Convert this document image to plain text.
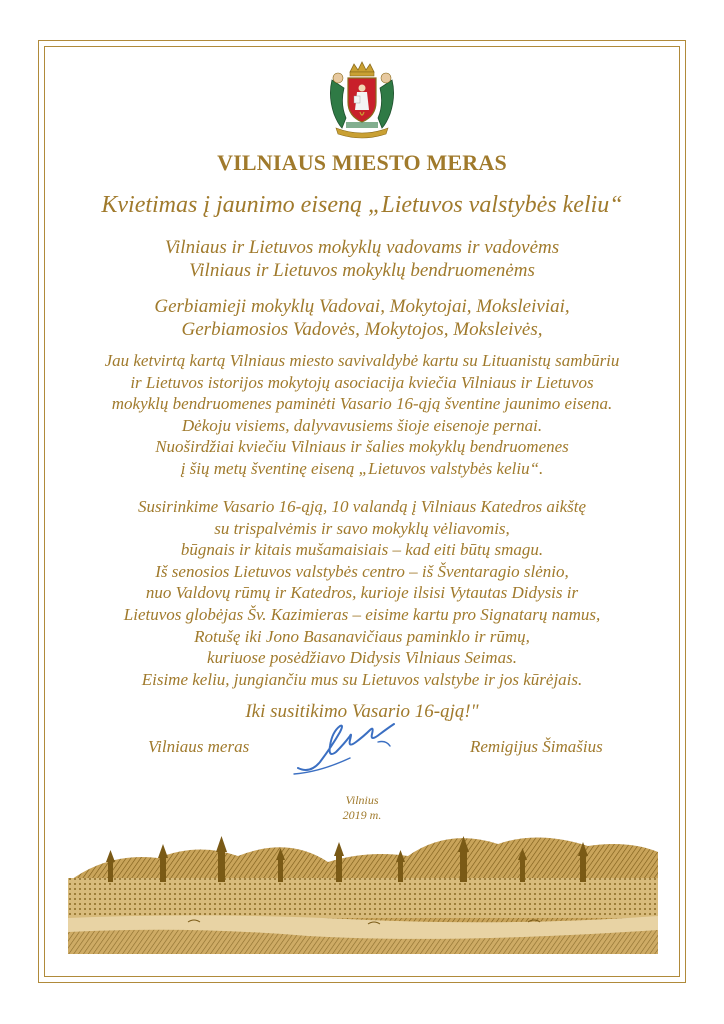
VILNIAUS MIESTO MERAS
Kvietimas į jaunimo eiseną „Lietuvos valstybės keliu“
Vilniaus ir Lietuvos mokyklų vadovams ir vadovėms
Vilniaus ir Lietuvos mokyklų bendruomenėms
Gerbiamieji mokyklų Vadovai, Mokytojai, Moksleiviai,
Gerbiamosios Vadovės, Mokytojos, Moksleivės,
Jau ketvirtą kartą Vilniaus miesto savivaldybė kartu su Lituanistų sambūriu
ir Lietuvos istorijos mokytojų asociacija kviečia Vilniaus ir Lietuvos
mokyklų bendruomenes paminėti Vasario 16-ąją šventine jaunimo eisena.
Dėkoju visiems, dalyvavusiems šioje eisenoje pernai.
Nuoširdžiai kviečiu Vilniaus ir šalies mokyklų bendruomenes
į šių metų šventinę eiseną „Lietuvos valstybės keliu“.
Susirinkime Vasario 16-ąją, 10 valandą į Vilniaus Katedros aikštę
su trispalvėmis ir savo mokyklų vėliavomis,
būgnais ir kitais mušamaisiais – kad eiti būtų smagu.
Iš senosios Lietuvos valstybės centro – iš Šventaragio slėnio,
nuo Valdovų rūmų ir Katedros, kurioje ilsisi Vytautas Didysis ir
Lietuvos globėjas Šv. Kazimieras – eisime kartu pro Signatarų namus,
Rotušę iki Jono Basanavičiaus paminklo ir rūmų,
kuriuose posėdžiavo Didysis Vilniaus Seimas.
Eisime keliu, jungiančiu mus su Lietuvos valstybe ir jos kūrėjais.
Iki susitikimo Vasario 16-ąją!"
Vilniaus meras	Remigijus Šimašius
Vilnius
2019 m.
